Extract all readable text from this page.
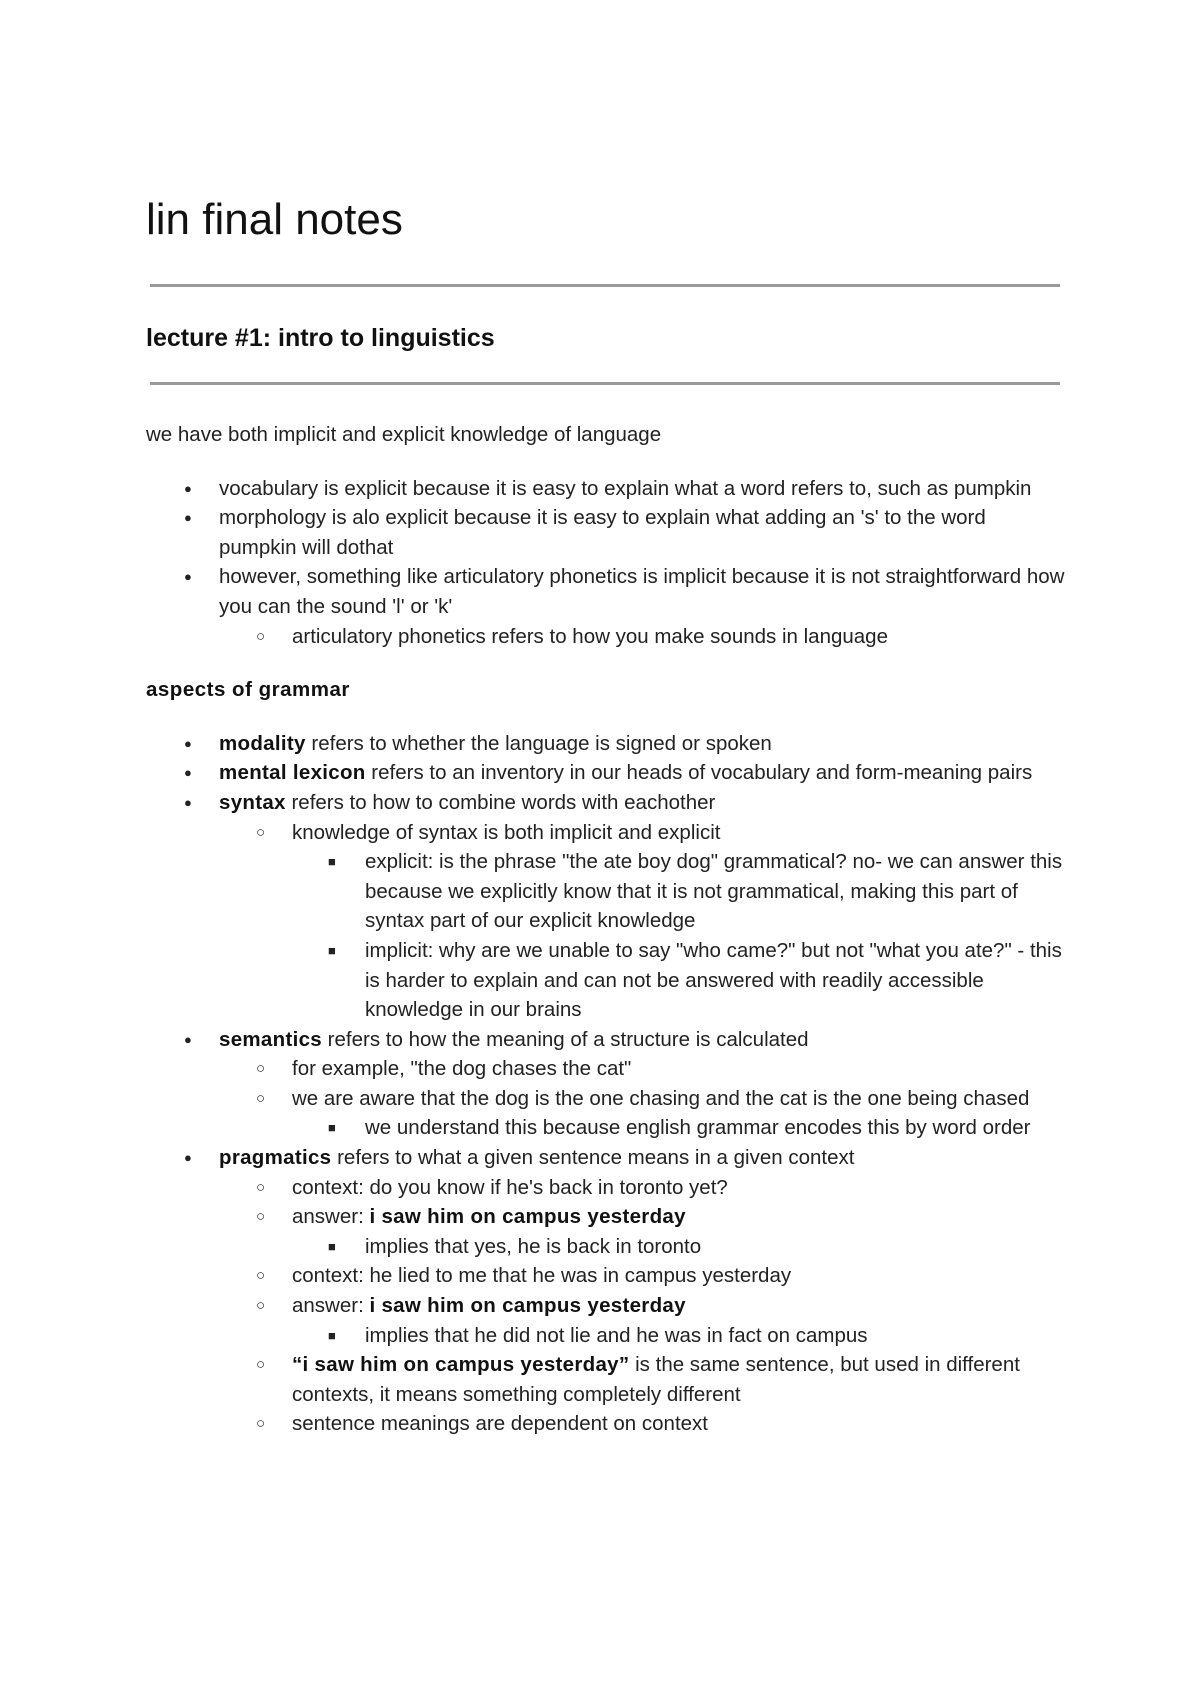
lin final notes
lecture #1: intro to linguistics

we have both implicit and explicit knowledge of language

● vocabulary is explicit because it is easy to explain what a word refers to, such as pumpkin
● morphology is alo explicit because it is easy to explain what adding an 's' to the word pumpkin will dothat
● however, something like articulatory phonetics is implicit because it is not straightforward how you can the sound 'l' or 'k'
○ articulatory phonetics refers to how you make sounds in language

aspects of grammar

● modality refers to whether the language is signed or spoken
● mental lexicon refers to an inventory in our heads of vocabulary and form-meaning pairs
● syntax refers to how to combine words with eachother
○ knowledge of syntax is both implicit and explicit
■ explicit: is the phrase "the ate boy dog" grammatical? no- we can answer this because we explicitly know that it is not grammatical, making this part of syntax part of our explicit knowledge
■ implicit: why are we unable to say "who came?" but not "what you ate?" - this is harder to explain and can not be answered with readily accessible knowledge in our brains
● semantics refers to how the meaning of a structure is calculated
○ for example, "the dog chases the cat"
○ we are aware that the dog is the one chasing and the cat is the one being chased
■ we understand this because english grammar encodes this by word order
● pragmatics refers to what a given sentence means in a given context
○ context: do you know if he's back in toronto yet?
○ answer: i saw him on campus yesterday
■ implies that yes, he is back in toronto
○ context: he lied to me that he was in campus yesterday
○ answer: i saw him on campus yesterday
■ implies that he did not lie and he was in fact on campus
○ “i saw him on campus yesterday” is the same sentence, but used in different contexts, it means something completely different
○ sentence meanings are dependent on context
